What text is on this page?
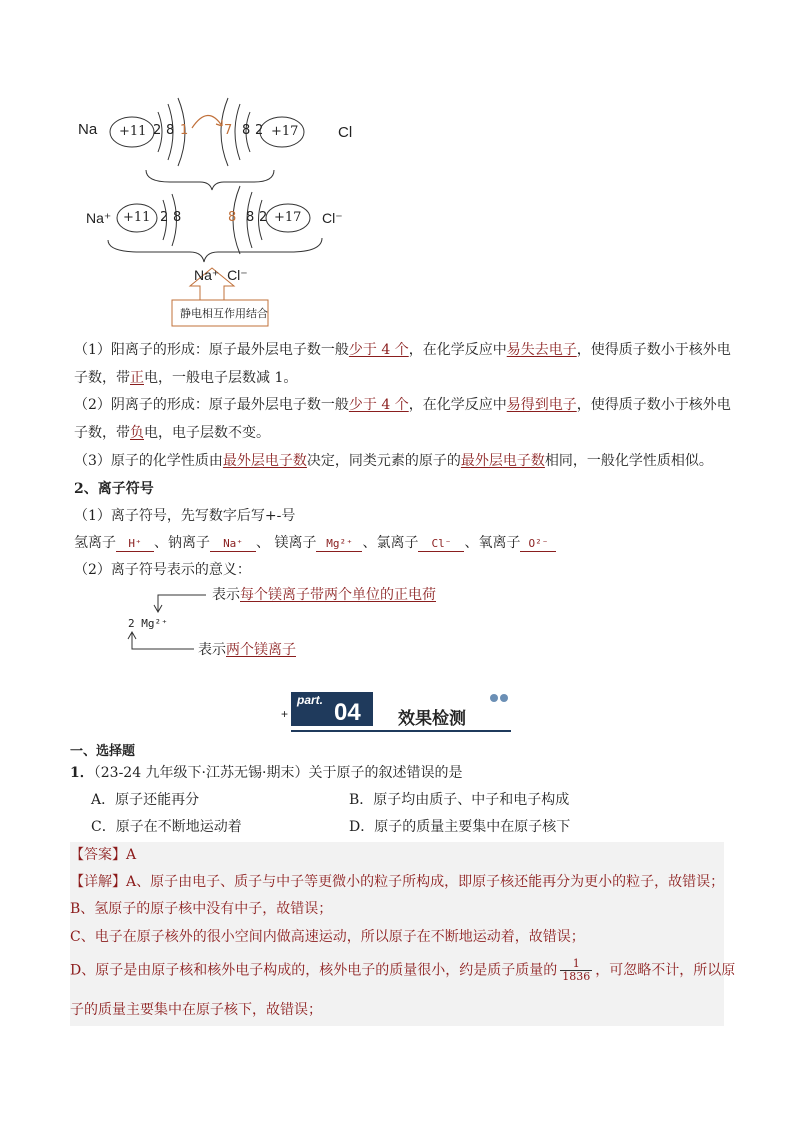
Na +11 2 8 1	7 8 2 +17	Cl
Na⁺ +11 2 8	8 8 2 +17 Cl⁻
Na⁺  Cl⁻
静电相互作用结合
（1）阳离子的形成：原子最外层电子数一般少于 4 个，在化学反应中易失去电子，使得质子数小于核外电
子数，带正电，一般电子层数减 1。
（2）阴离子的形成：原子最外层电子数一般少于 4 个，在化学反应中易得到电子，使得质子数小于核外电
子数，带负电，电子层数不变。
（3）原子的化学性质由最外层电子数决定，同类元素的原子的最外层电子数相同，一般化学性质相似。
2、离子符号
（1）离子符号，先写数字后写+-号
氢离子 H⁺ 、钠离子 Na⁺ 、 镁离子 Mg²⁺ 、氯离子 Cl⁻ 、氧离子 O²⁻
（2）离子符号表示的意义：
2 Mg²⁺
表示每个镁离子带两个单位的正电荷
表示两个镁离子
+
part. 04 效果检测
一、选择题
1．（23-24 九年级下·江苏无锡·期末）关于原子的叙述错误的是
A．原子还能再分	B．原子均由质子、中子和电子构成
C．原子在不断地运动着	D．原子的质量主要集中在原子核下
【答案】A
【详解】A、原子由电子、质子与中子等更微小的粒子所构成，即原子核还能再分为更小的粒子，故错误；
B、氢原子的原子核中没有中子，故错误；
C、电子在原子核外的很小空间内做高速运动，所以原子在不断地运动着，故错误；
D、原子是由原子核和核外电子构成的，核外电子的质量很小，约是质子质量的 $\frac{1}{1836}$ ，可忽略不计，所以原
子的质量主要集中在原子核下，故错误；
